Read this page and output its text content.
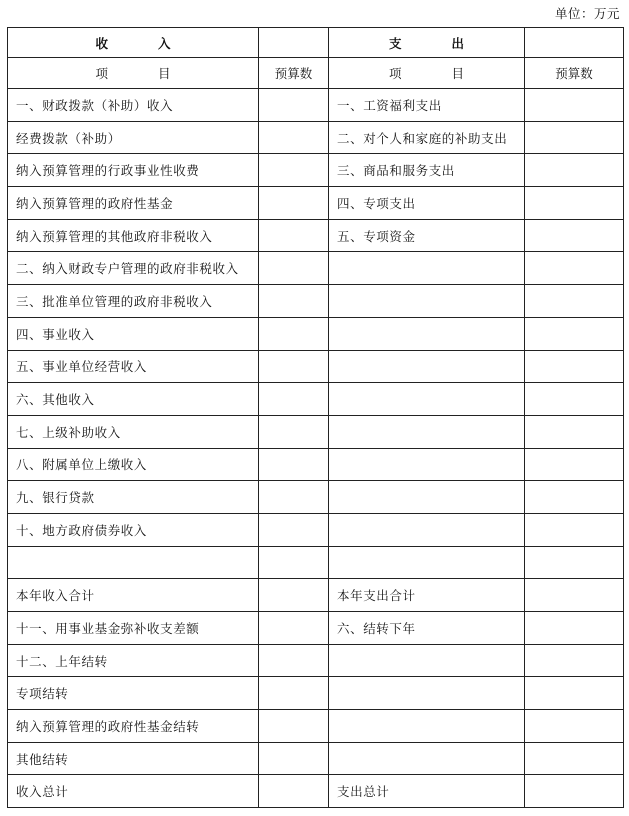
单位：万元
收　　　　入		支　　　　出	
项　　　　目	预算数	项　　　　目	预算数
一、财政拨款（补助）收入		一、工资福利支出	
经费拨款（补助）		二、对个人和家庭的补助支出	
纳入预算管理的行政事业性收费		三、商品和服务支出	
纳入预算管理的政府性基金		四、专项支出	
纳入预算管理的其他政府非税收入		五、专项资金	
二、纳入财政专户管理的政府非税收入			
三、批准单位管理的政府非税收入			
四、事业收入			
五、事业单位经营收入			
六、其他收入			
七、上级补助收入			
八、附属单位上缴收入			
九、银行贷款			
十、地方政府债券收入			

本年收入合计		本年支出合计	
十一、用事业基金弥补收支差额		六、结转下年	
十二、上年结转			
专项结转			
纳入预算管理的政府性基金结转			
其他结转			
收入总计		支出总计	
